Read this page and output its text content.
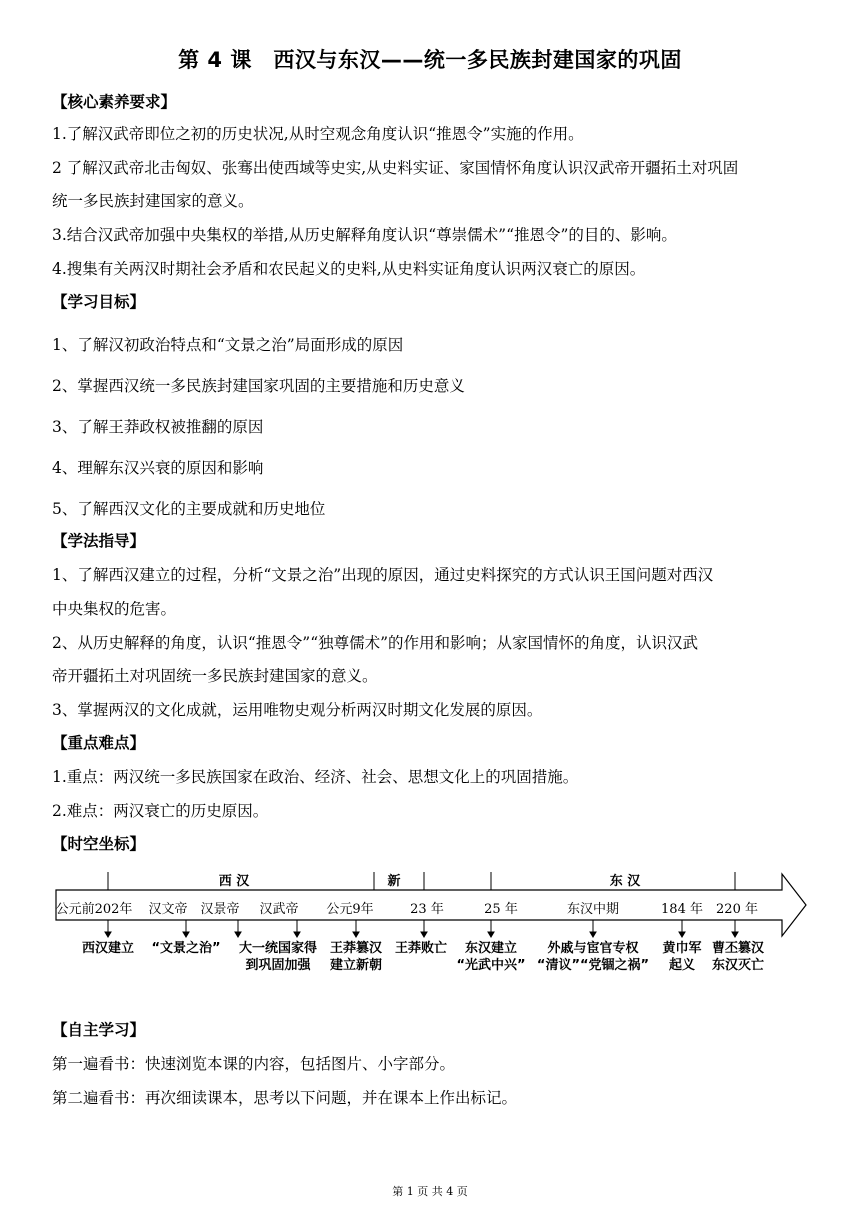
第 4 课　西汉与东汉——统一多民族封建国家的巩固
【核心素养要求】
1.了解汉武帝即位之初的历史状况,从时空观念角度认识“推恩令”实施的作用。
2 了解汉武帝北击匈奴、张骞出使西域等史实,从史料实证、家国情怀角度认识汉武帝开疆拓土对巩固
统一多民族封建国家的意义。
3.结合汉武帝加强中央集权的举措,从历史解释角度认识“尊崇儒术”“推恩令”的目的、影响。
4.搜集有关两汉时期社会矛盾和农民起义的史料,从史料实证角度认识两汉衰亡的原因。
【学习目标】
1、了解汉初政治特点和“文景之治”局面形成的原因
2、掌握西汉统一多民族封建国家巩固的主要措施和历史意义
3、了解王莽政权被推翻的原因
4、理解东汉兴衰的原因和影响
5、了解西汉文化的主要成就和历史地位
【学法指导】
1、了解西汉建立的过程，分析“文景之治”出现的原因，通过史料探究的方式认识王国问题对西汉
中央集权的危害。
2、从历史解释的角度，认识“推恩令”“独尊儒术”的作用和影响；从家国情怀的角度，认识汉武
帝开疆拓土对巩固统一多民族封建国家的意义。
3、掌握两汉的文化成就，运用唯物史观分析两汉时期文化发展的原因。
【重点难点】
1.重点：两汉统一多民族国家在政治、经济、社会、思想文化上的巩固措施。
2.难点：两汉衰亡的历史原因。
【时空坐标】
西 汉	新	东 汉
公元前202年 汉文帝 汉景帝 汉武帝 公元9年	23 年	25 年	东汉中期	184 年 220 年
西汉建立 “文景之治” 大一统国家得
到巩固加强
王莽篡汉
建立新朝
王莽败亡	东汉建立
“光武中兴”
外戚与宦官专权
“清议”“党锢之祸”
黄巾军
起义
曹丕篡汉
东汉灭亡
【自主学习】
第一遍看书：快速浏览本课的内容，包括图片、小字部分。
第二遍看书：再次细读课本，思考以下问题，并在课本上作出标记。
第 1 页 共 4 页
